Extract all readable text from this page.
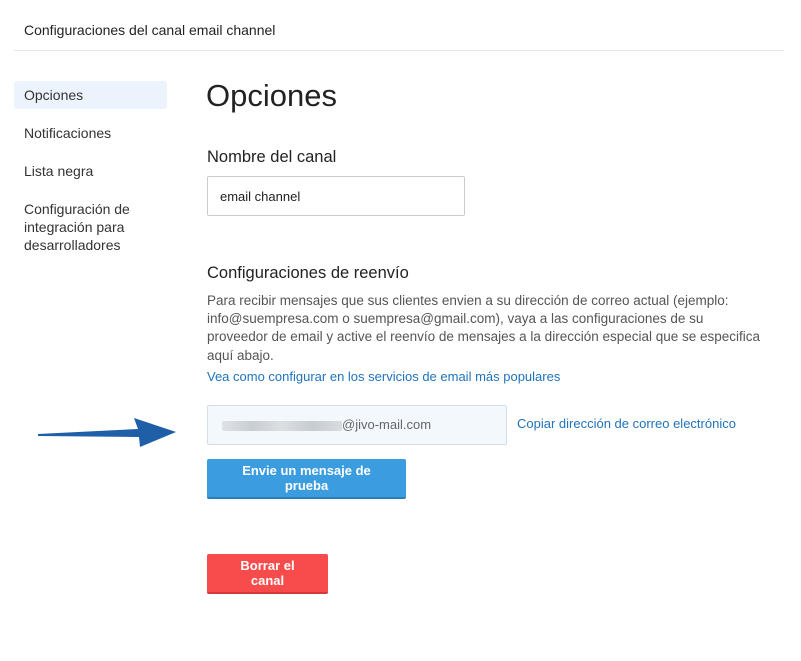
Configuraciones del canal email channel
Opciones
Notificaciones
Lista negra
Configuración de integración para desarrolladores
Opciones
Nombre del canal
email channel
Configuraciones de reenvío

Para recibir mensajes que sus clientes envien a su dirección de correo actual (ejemplo: info@suempresa.com o suempresa@gmail.com), vaya a las configuraciones de su proveedor de email y active el reenvío de mensajes a la dirección especial que se especifica aquí abajo.

Vea como configurar en los servicios de email más populares
@jivo-mail.com	Copiar dirección de correo electrónico
Envie un mensaje de prueba
Borrar el canal
